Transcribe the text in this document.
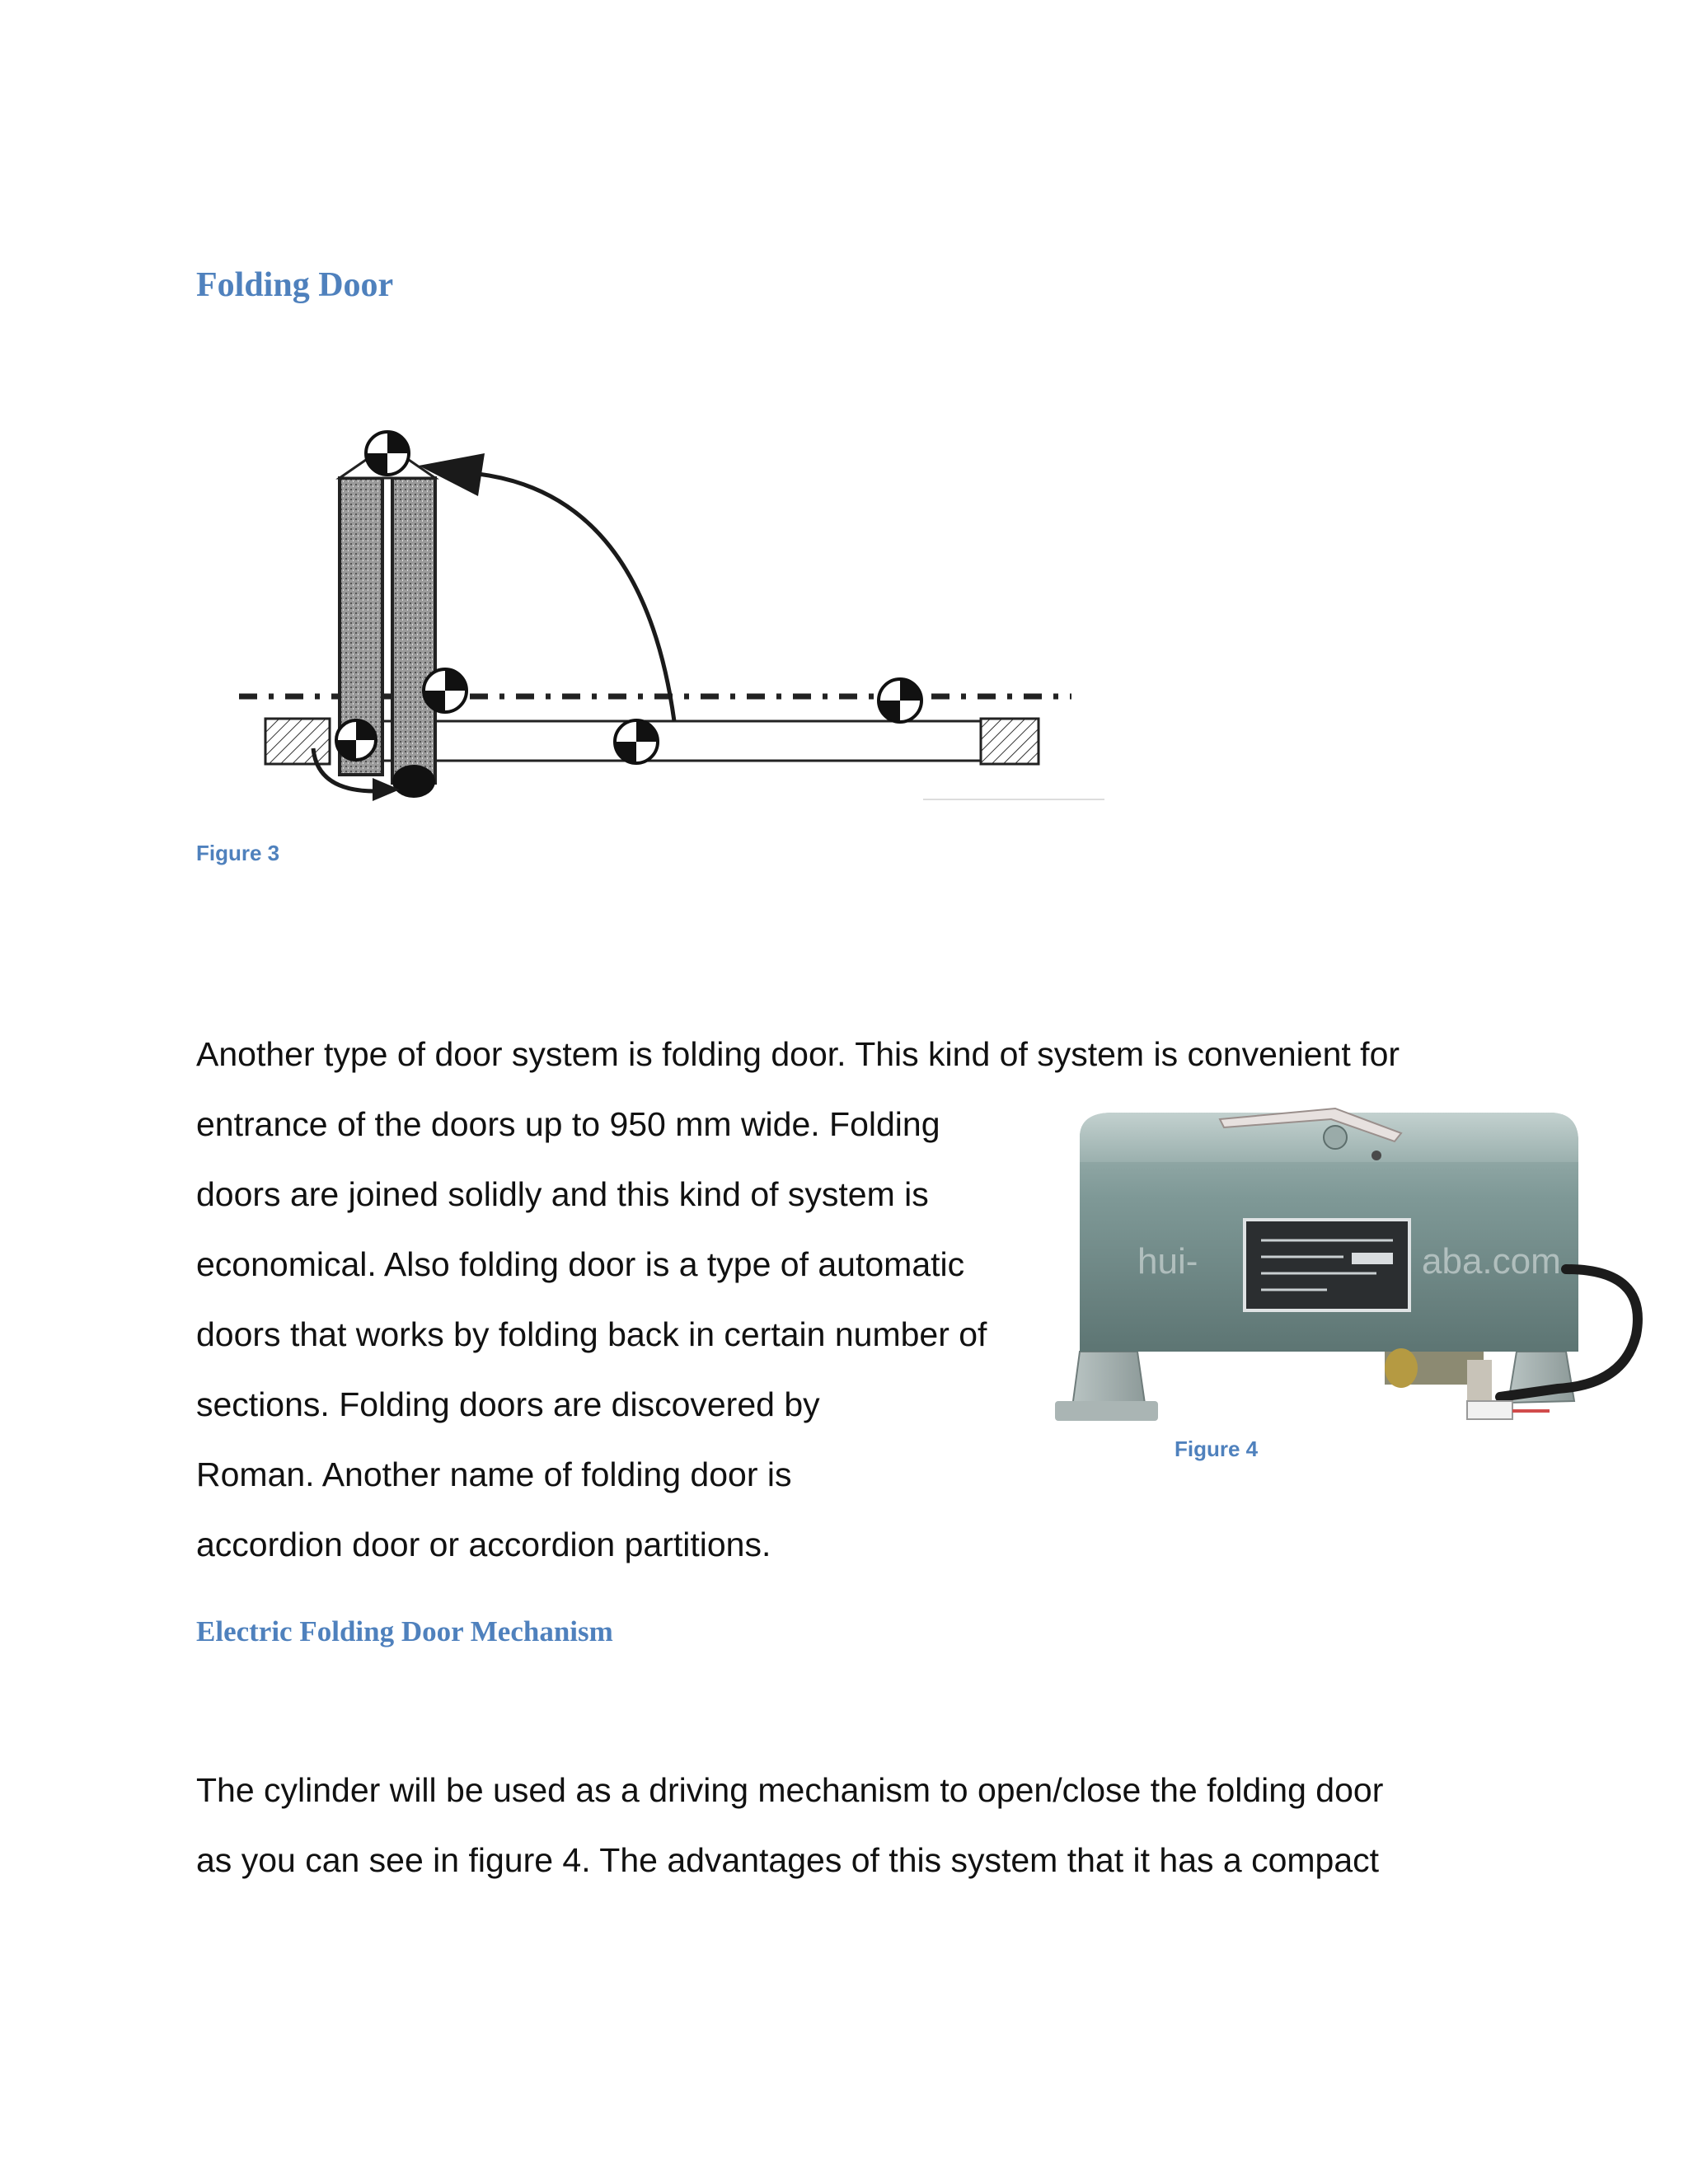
Folding Door

Figure 3

Another type of door system is folding door. This kind of system is convenient for
entrance of the doors up to 950 mm wide. Folding
doors are joined solidly and this kind of system is
economical. Also folding door is a type of automatic
doors that works by folding back in certain number of
sections. Folding doors are discovered by
Roman. Another name of folding door is
accordion door or accordion partitions.
hui-	aba.com

Figure 4

Electric Folding Door Mechanism
The cylinder will be used as a driving mechanism to open/close the folding door
as you can see in figure 4. The advantages of this system that it has a compact
